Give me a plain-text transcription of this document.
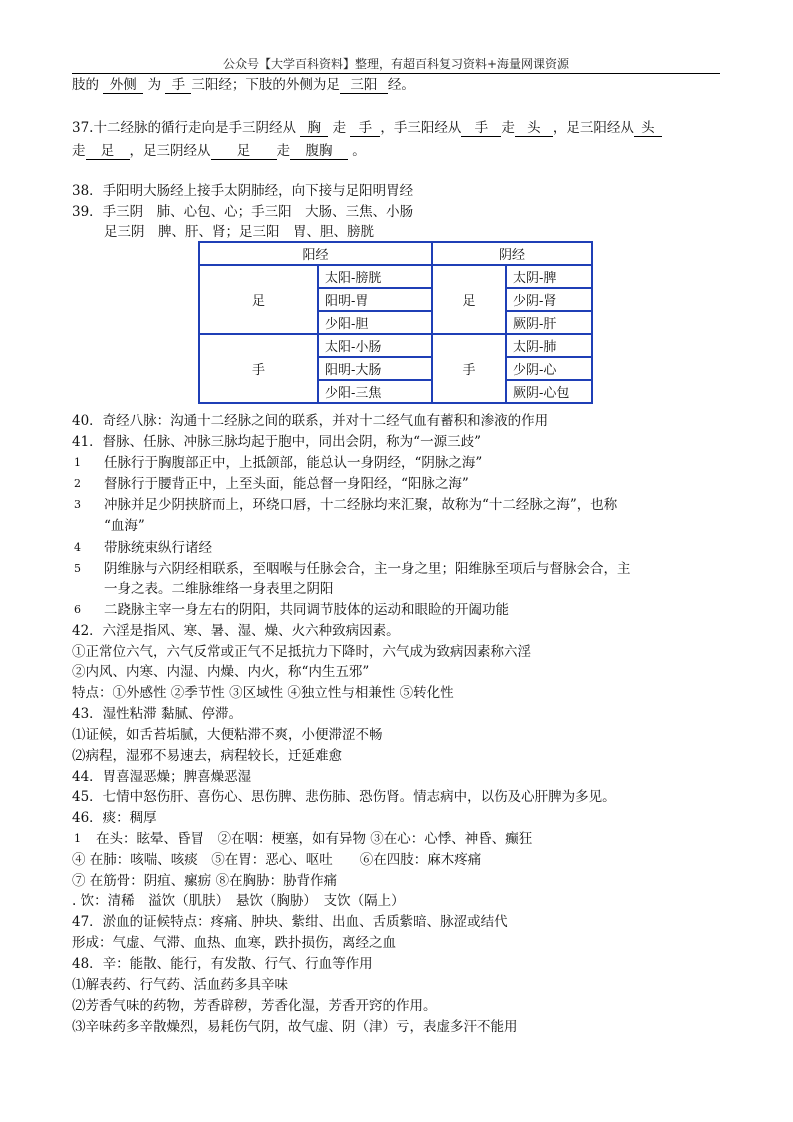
公众号【大学百科资料】整理，有超百科复习资料+海量网课资源
肢的 外侧 为 手 三阳经；下肢的外侧为足 三阳 经。
37.十二经脉的循行走向是手三阴经从 胸 走 手 ，手三阳经从 手 走 头 ，足三阳经从 头
走 足 ，足三阴经从 足 走 腹胸 。
38．手阳明大肠经上接手太阴肺经，向下接与足阳明胃经
39．手三阴　肺、心包、心；手三阳　大肠、三焦、小肠
足三阴　脾、肝、肾；足三阳　胃、胆、膀胱
阳经		阴经	
足	太阳-膀胱	足	太阴-脾
	阳明-胃		少阴-肾
	少阳-胆		厥阴-肝
手	太阳-小肠	手	太阴-肺
	阳明-大肠		少阴-心
	少阳-三焦		厥阴-心包
40．奇经八脉：沟通十二经脉之间的联系，并对十二经气血有蓄积和渗液的作用
41．督脉、任脉、冲脉三脉均起于胞中，同出会阴，称为“一源三歧”
1 任脉行于胸腹部正中，上抵颌部，能总认一身阴经，“阴脉之海”
2 督脉行于腰背正中，上至头面，能总督一身阳经，“阳脉之海”
3 冲脉并足少阴挟脐而上，环绕口唇，十二经脉均来汇聚，故称为“十二经脉之海”，也称
“血海”
4 带脉统束纵行诸经
5 阴维脉与六阴经相联系，至咽喉与任脉会合，主一身之里；阳维脉至项后与督脉会合，主
一身之表。二维脉维络一身表里之阴阳
6 二跷脉主宰一身左右的阴阳，共同调节肢体的运动和眼睑的开阖功能
42．六淫是指风、寒、暑、湿、燥、火六种致病因素。
①正常位六气，六气反常或正气不足抵抗力下降时，六气成为致病因素称六淫
②内风、内寒、内湿、内燥、内火，称“内生五邪”
特点：①外感性 ②季节性 ③区域性 ④独立性与相兼性 ⑤转化性
43．湿性粘滞 黏腻、停滞。
⑴证候，如舌苔垢腻，大便粘滞不爽，小便滞涩不畅
⑵病程，湿邪不易速去，病程较长，迁延难愈
44．胃喜湿恶燥；脾喜燥恶湿
45．七情中怒伤肝、喜伤心、思伤脾、悲伤肺、恐伤肾。情志病中，以伤及心肝脾为多见。
46．痰：稠厚
1 在头：眩晕、昏冒　②在咽：梗塞，如有异物 ③在心：心悸、神昏、癫狂
④ 在肺：咳喘、咳痰　⑤在胃：恶心、呕吐　　⑥在四肢：麻木疼痛
⑦ 在筋骨：阴疽、瘰疬 ⑧在胸胁：胁背作痛
. 饮：清稀　溢饮（肌肤）　悬饮（胸胁）　支饮（隔上）
47．淤血的证候特点：疼痛、肿块、紫绀、出血、舌质紫暗、脉涩或结代
形成：气虚、气滞、血热、血寒，跌扑损伤，离经之血
48．辛：能散、能行，有发散、行气、行血等作用
⑴解表药、行气药、活血药多具辛味
⑵芳香气味的药物，芳香辟秽，芳香化湿，芳香开窍的作用。
⑶辛味药多辛散燥烈，易耗伤气阴，故气虚、阴（津）亏，表虚多汗不能用
